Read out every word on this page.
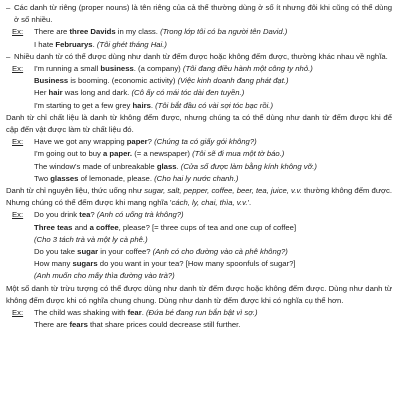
– Các danh từ riêng (proper nouns) là tên riêng của cả thể thường dùng ở số ít nhưng đôi khi cũng có thể dùng ở số nhiều.
Ex:	There are three Davids in my class. (Trong lớp tôi có ba người tên David.)
I hate Februarys. (Tôi ghét tháng Hai.)
– Nhiều danh từ có thể được dùng như danh từ đếm được hoặc không đếm được, thường khác nhau về nghĩa.
Ex:	I'm running a small business. (a company) (Tôi đang điều hành một công ty nhỏ.)
Business is booming. (economic activity) (Việc kinh doanh đang phát đạt.)
Her hair was long and dark. (Cô ấy có mái tóc dài đen tuyền.)
I'm starting to get a few grey hairs. (Tôi bắt đầu có vài sợi tóc bạc rồi.)
Danh từ chỉ chất liệu là danh từ không đếm được, nhưng chúng ta có thể dùng như danh từ đếm được khi để cập đến vật được làm từ chất liệu đó.
Ex:	Have we got any wrapping paper? (Chúng ta có giấy gói không?)
I'm going out to buy a paper. (= a newspaper) (Tôi sẽ đi mua một tờ báo.)
The window's made of unbreakable glass. (Cửa sổ được làm bằng kính không vỡ.)
Two glasses of lemonade, please. (Cho hai ly nước chanh.)
Danh từ chỉ nguyên liệu, thức uống như sugar, salt, pepper, coffee, beer, tea, juice, v.v. thường không đếm được. Nhưng chúng có thể đếm được khi mang nghĩa 'cách, ly, chai, thìa, v.v.'.
Ex:	Do you drink tea? (Anh có uống trà không?)
Three teas and a coffee, please? [= three cups of tea and one cup of coffee]
(Cho 3 tách trà và một ly cà phê.)
Do you take sugar in your coffee? (Anh có cho đường vào cà phê không?)
How many sugars do you want in your tea? [How many spoonfuls of sugar?]
(Anh muốn cho mấy thìa đường vào trà?)
Một số danh từ trừu tượng có thể được dùng như danh từ đếm được hoặc không đếm được. Dùng như danh từ không đếm được khi có nghĩa chung chung. Dùng như danh từ đếm được khi có nghĩa cụ thể hơn.
Ex:	The child was shaking with fear. (Đứa bé đang run bắn bật vì sợ.)
There are fears that share prices could decrease still further.
